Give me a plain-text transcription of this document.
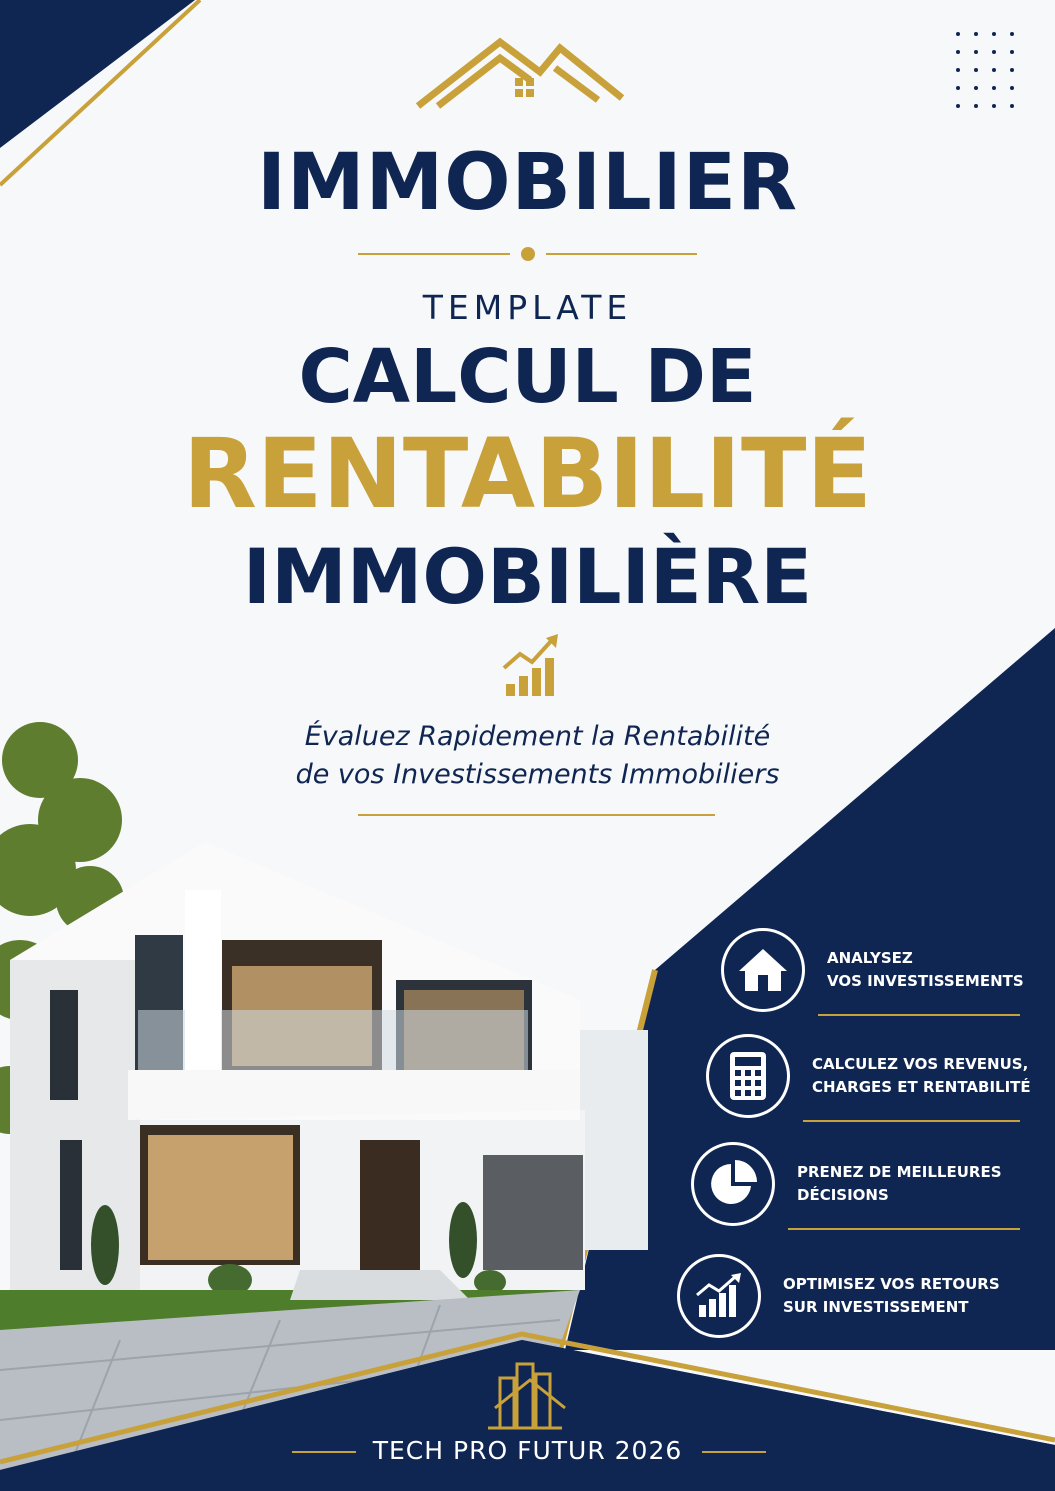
IMMOBILIER
TEMPLATE
CALCUL DE
RENTABILITÉ
IMMOBILIÈRE
Évaluez Rapidement la Rentabilité
de vos Investissements Immobiliers
ANALYSEZ
VOS INVESTISSEMENTS
CALCULEZ VOS REVENUS,
CHARGES ET RENTABILITÉ
PRENEZ DE MEILLEURES
DÉCISIONS
OPTIMISEZ VOS RETOURS
SUR INVESTISSEMENT
TECH PRO FUTUR 2026
